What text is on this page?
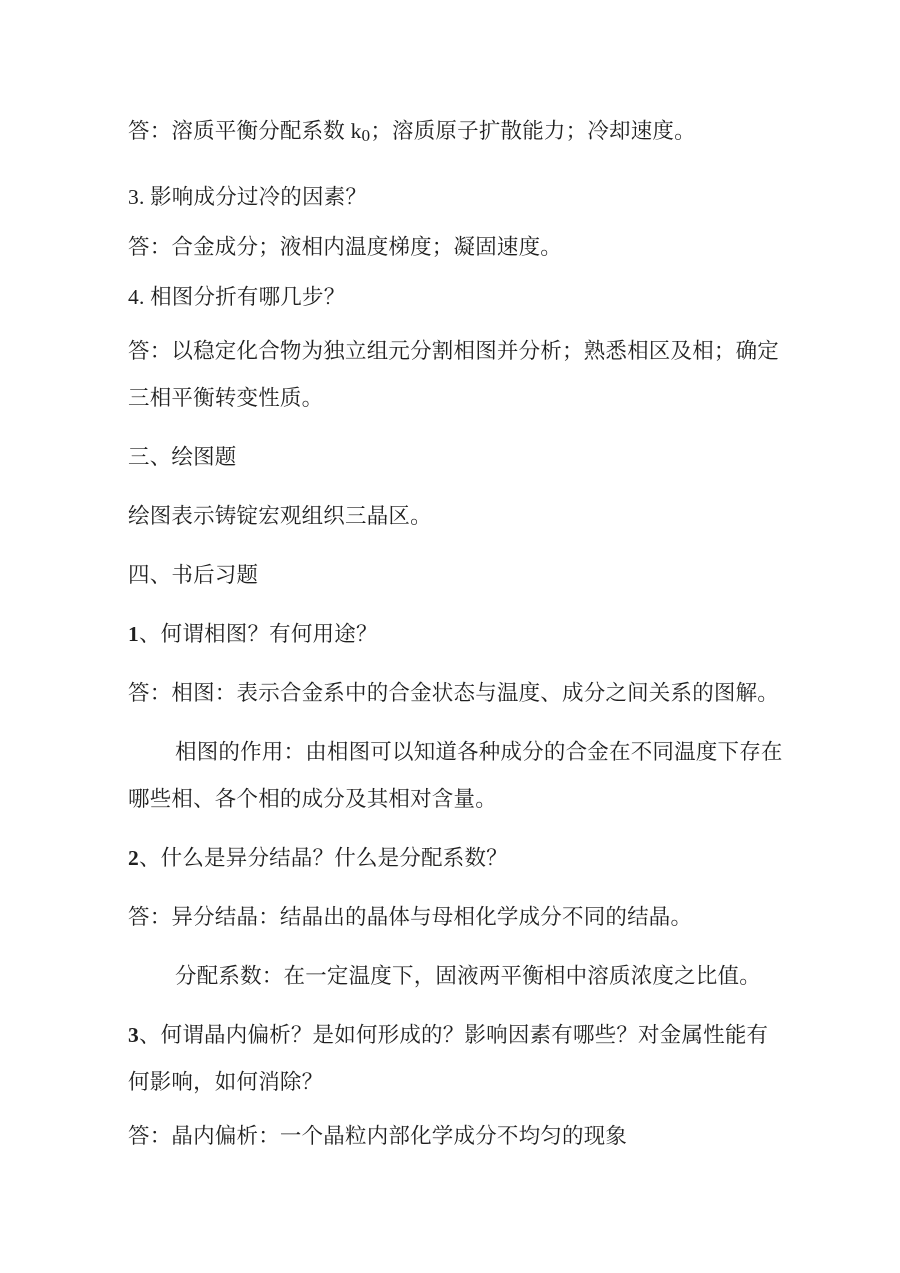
答：溶质平衡分配系数 k0；溶质原子扩散能力；冷却速度。
3. 影响成分过冷的因素？
答：合金成分；液相内温度梯度；凝固速度。
4. 相图分折有哪几步？
答：以稳定化合物为独立组元分割相图并分析；熟悉相区及相；确定
三相平衡转变性质。
三、绘图题
绘图表示铸锭宏观组织三晶区。
四、书后习题
1、何谓相图？有何用途？
答：相图：表示合金系中的合金状态与温度、成分之间关系的图解。
相图的作用：由相图可以知道各种成分的合金在不同温度下存在
哪些相、各个相的成分及其相对含量。
2、什么是异分结晶？什么是分配系数？
答：异分结晶：结晶出的晶体与母相化学成分不同的结晶。
分配系数：在一定温度下，固液两平衡相中溶质浓度之比值。
3、何谓晶内偏析？是如何形成的？影响因素有哪些？对金属性能有
何影响，如何消除？
答：晶内偏析：一个晶粒内部化学成分不均匀的现象
